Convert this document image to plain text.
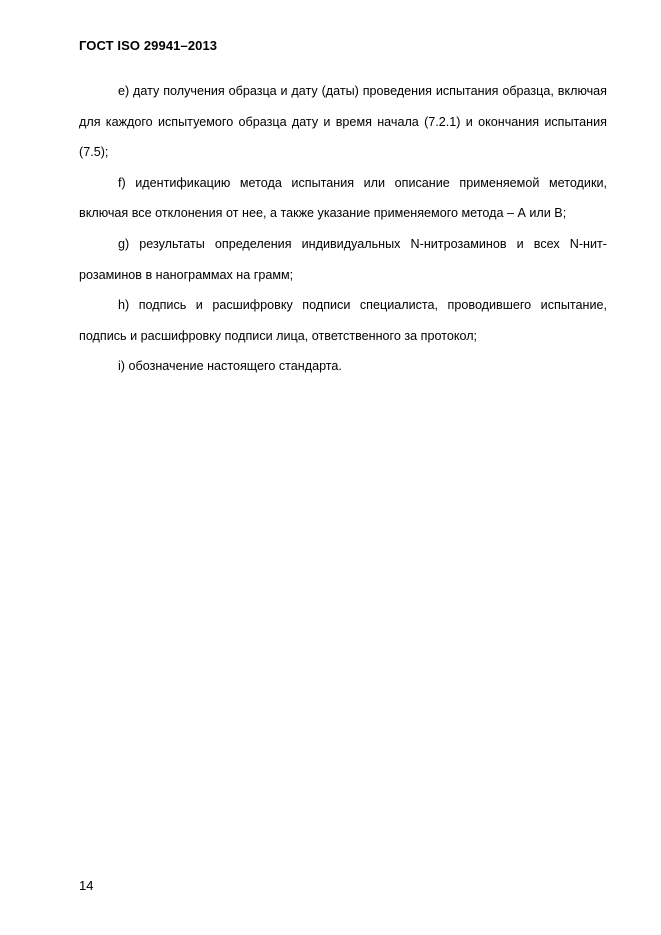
ГОСТ ISO 29941–2013

e) дату получения образца и дату (даты) проведения испытания образца, включая для каждого испытуемого образца дату и время начала (7.2.1) и окончания испытания (7.5);

f) идентификацию метода испытания или описание применяемой методики, включая все отклонения от нее, а также указание применяемого метода – А или В;

g) результаты определения индивидуальных N-нитрозаминов и всех N-нит-розаминов в нанограммах на грамм;

h) подпись и расшифровку подписи специалиста, проводившего испытание, подпись и расшифровку подписи лица, ответственного за протокол;

i) обозначение настоящего стандарта.

14
